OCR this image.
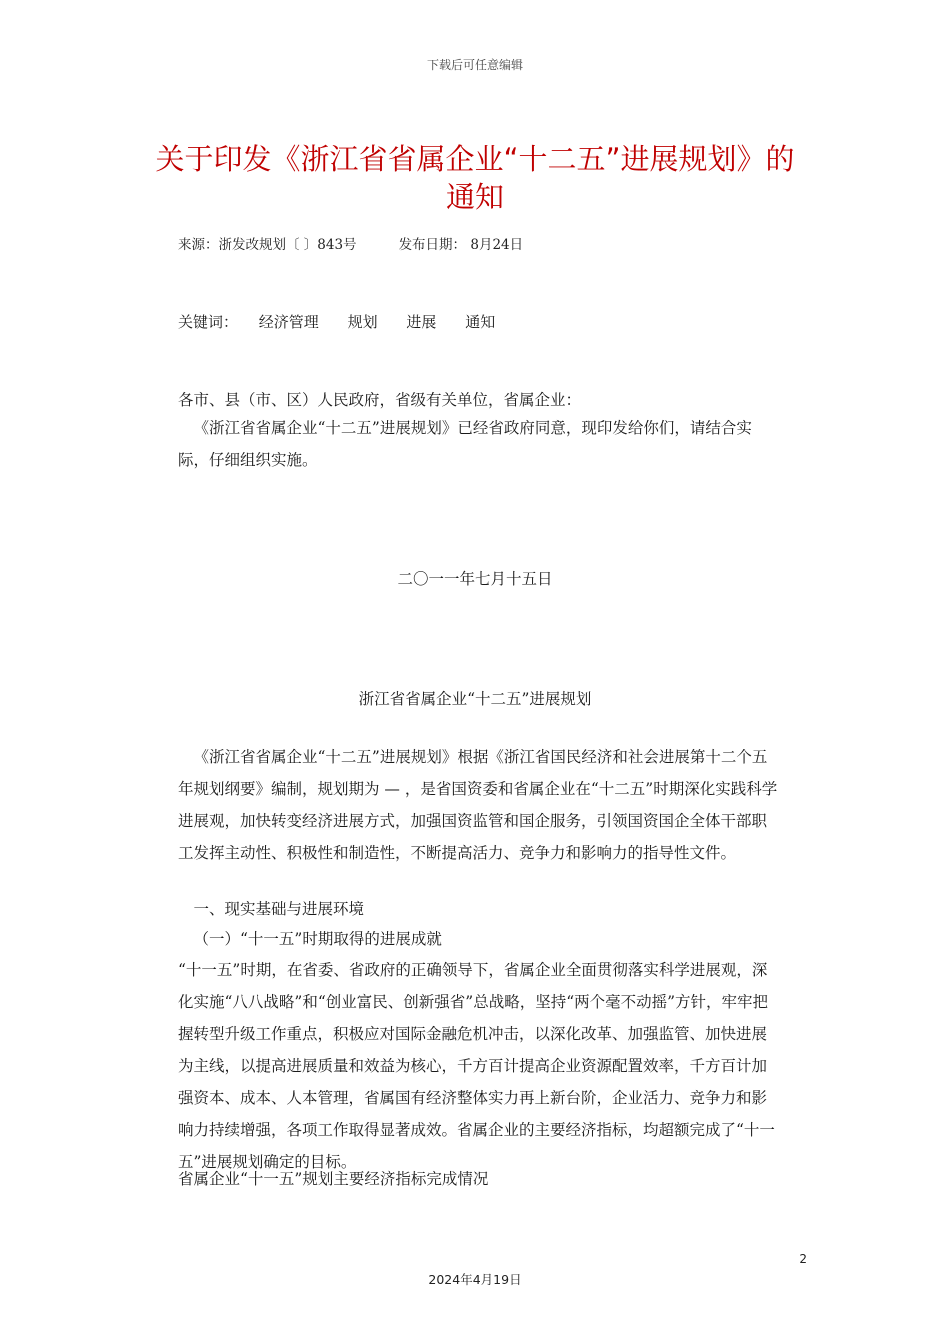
下载后可任意编辑
关于印发《浙江省省属企业“十二五”进展规划》的通知
来源：浙发改规划〔 〕843号	发布日期： 8月24日
关键词： 经济管理 规划 进展 通知
各市、县（市、区）人民政府，省级有关单位，省属企业：
《浙江省省属企业“十二五”进展规划》已经省政府同意，现印发给你们，请结合实际，仔细组织实施。
二〇一一年七月十五日
浙江省省属企业“十二五”进展规划
《浙江省省属企业“十二五”进展规划》根据《浙江省国民经济和社会进展第十二个五年规划纲要》编制，规划期为 — ，是省国资委和省属企业在“十二五”时期深化实践科学进展观，加快转变经济进展方式，加强国资监管和国企服务，引领国资国企全体干部职工发挥主动性、积极性和制造性，不断提高活力、竞争力和影响力的指导性文件。
一、现实基础与进展环境
（一）“十一五”时期取得的进展成就
“十一五”时期，在省委、省政府的正确领导下，省属企业全面贯彻落实科学进展观，深化实施“八八战略”和“创业富民、创新强省”总战略，坚持“两个毫不动摇”方针，牢牢把握转型升级工作重点，积极应对国际金融危机冲击，以深化改革、加强监管、加快进展为主线，以提高进展质量和效益为核心，千方百计提高企业资源配置效率，千方百计加强资本、成本、人本管理，省属国有经济整体实力再上新台阶，企业活力、竞争力和影响力持续增强，各项工作取得显著成效。省属企业的主要经济指标，均超额完成了“十一五”进展规划确定的目标。
省属企业“十一五”规划主要经济指标完成情况
2
2024年4月19日
